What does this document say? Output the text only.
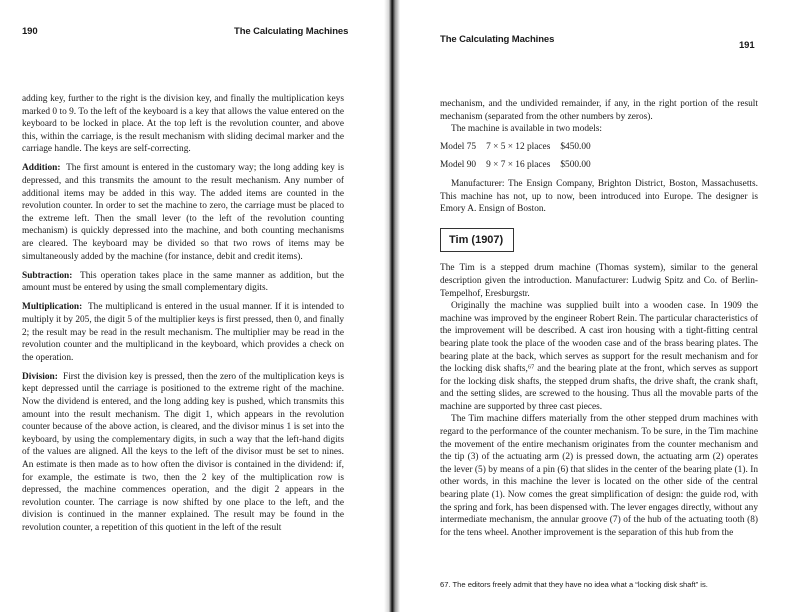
190	The Calculating Machines

adding key, further to the right is the division key, and finally the multiplication keys marked 0 to 9. To the left of the keyboard is a key that allows the value entered on the keyboard to be locked in place. At the top left is the revolution counter, and above this, within the carriage, is the result mechanism with sliding decimal marker and the carriage handle. The keys are self-correcting.

Addition: The first amount is entered in the customary way; the long adding key is depressed, and this transmits the amount to the result mechanism. Any number of additional items may be added in this way. The added items are counted in the revolution counter. In order to set the machine to zero, the carriage must be placed to the extreme left. Then the small lever (to the left of the revolution counting mechanism) is quickly depressed into the machine, and both counting mechanisms are cleared. The keyboard may be divided so that two rows of items may be simultaneously added by the machine (for instance, debit and credit items).

Subtraction: This operation takes place in the same manner as addition, but the amount must be entered by using the small complementary digits.

Multiplication: The multiplicand is entered in the usual manner. If it is intended to multiply it by 205, the digit 5 of the multiplier keys is first pressed, then 0, and finally 2; the result may be read in the result mechanism. The multiplier may be read in the revolution counter and the multiplicand in the keyboard, which provides a check on the operation.

Division: First the division key is pressed, then the zero of the multiplication keys is kept depressed until the carriage is positioned to the extreme right of the machine. Now the dividend is entered, and the long adding key is pushed, which transmits this amount into the result mechanism. The digit 1, which appears in the revolution counter because of the above action, is cleared, and the divisor minus 1 is set into the keyboard, by using the complementary digits, in such a way that the left-hand digits of the values are aligned. All the keys to the left of the divisor must be set to nines. An estimate is then made as to how often the divisor is contained in the dividend: if, for example, the estimate is two, then the 2 key of the multiplication row is depressed, the machine commences operation, and the digit 2 appears in the revolution counter. The carriage is now shifted by one place to the left, and the division is continued in the manner explained. The result may be found in the revolution counter, a repetition of this quotient in the left of the result

The Calculating Machines
191

mechanism, and the undivided remainder, if any, in the right portion of the result mechanism (separated from the other numbers by zeros).

The machine is available in two models:

Model 75 7 × 5 × 12 places $450.00
Model 90 9 × 7 × 16 places $500.00

Manufacturer: The Ensign Company, Brighton District, Boston, Massachusetts. This machine has not, up to now, been introduced into Europe. The designer is Emory A. Ensign of Boston.

Tim (1907)

The Tim is a stepped drum machine (Thomas system), similar to the general description given the introduction. Manufacturer: Ludwig Spitz and Co. of Berlin-Tempelhof, Eresburgstr.

Originally the machine was supplied built into a wooden case. In 1909 the machine was improved by the engineer Robert Rein. The particular characteristics of the improvement will be described. A cast iron housing with a tight-fitting central bearing plate took the place of the wooden case and of the brass bearing plates. The bearing plate at the back, which serves as support for the result mechanism and for the locking disk shafts,⁶⁷ and the bearing plate at the front, which serves as support for the locking disk shafts, the stepped drum shafts, the drive shaft, the crank shaft, and the setting slides, are screwed to the housing. Thus all the movable parts of the machine are supported by three cast pieces.

The Tim machine differs materially from the other stepped drum machines with regard to the performance of the counter mechanism. To be sure, in the Tim machine the movement of the entire mechanism originates from the counter mechanism and the tip (3) of the actuating arm (2) is pressed down, the actuating arm (2) operates the lever (5) by means of a pin (6) that slides in the center of the bearing plate (1). In other words, in this machine the lever is located on the other side of the central bearing plate (1). Now comes the great simplification of design: the guide rod, with the spring and fork, has been dispensed with. The lever engages directly, without any intermediate mechanism, the annular groove (7) of the hub of the actuating tooth (8) for the tens wheel. Another improvement is the separation of this hub from the

67. The editors freely admit that they have no idea what a “locking disk shaft” is.
